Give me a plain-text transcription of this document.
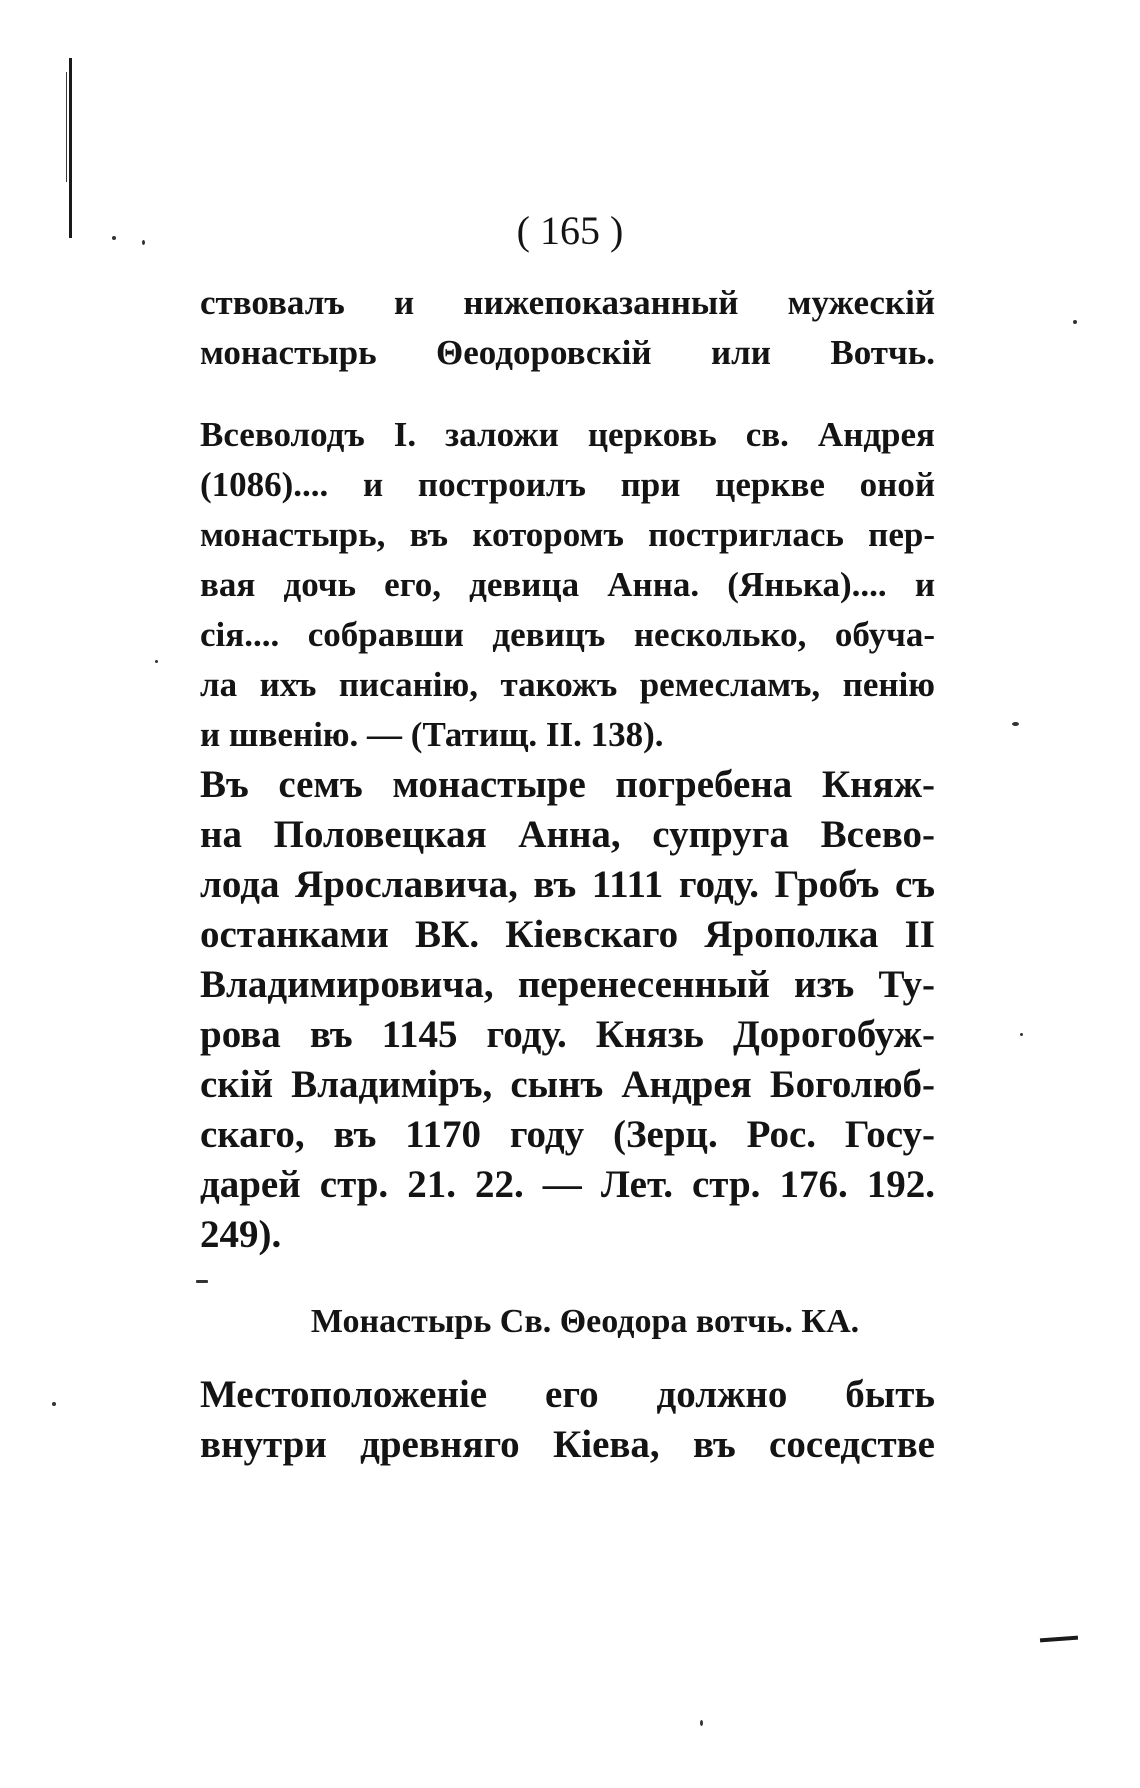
( 165 )
ствовалъ и нижепоказанный мужескій
монастырь Θеодоровскій или Вотчь.
Всеволодъ І. заложи церковь св. Андрея
(1086).... и построилъ при церкве оной
монастырь, въ которомъ постриглась пер-
вая дочь его, девица Анна. (Янька).... и
сія.... собравши девицъ несколько, обуча-
ла ихъ писанію, такожъ ремесламъ, пенію
и швенію. — (Татищ. II. 138).
Въ семъ монастыре погребена Княж-
на Половецкая Анна, супруга Всево-
лода Ярославича, въ 1111 году. Гробъ съ
останками ВК. Кіевскаго Ярополка II
Владимировича, перенесенный изъ Ту-
рова въ 1145 году. Князь Дорогобуж-
скій Владиміръ, сынъ Андрея Боголюб-
скаго, въ 1170 году (Зерц. Рос. Госу-
дарей стр. 21. 22. — Лет. стр. 176. 192.
249).
Монастырь Св. Θеодора вотчь. КА.
Местоположеніе его должно быть
внутри древняго Кіева, въ соседстве
